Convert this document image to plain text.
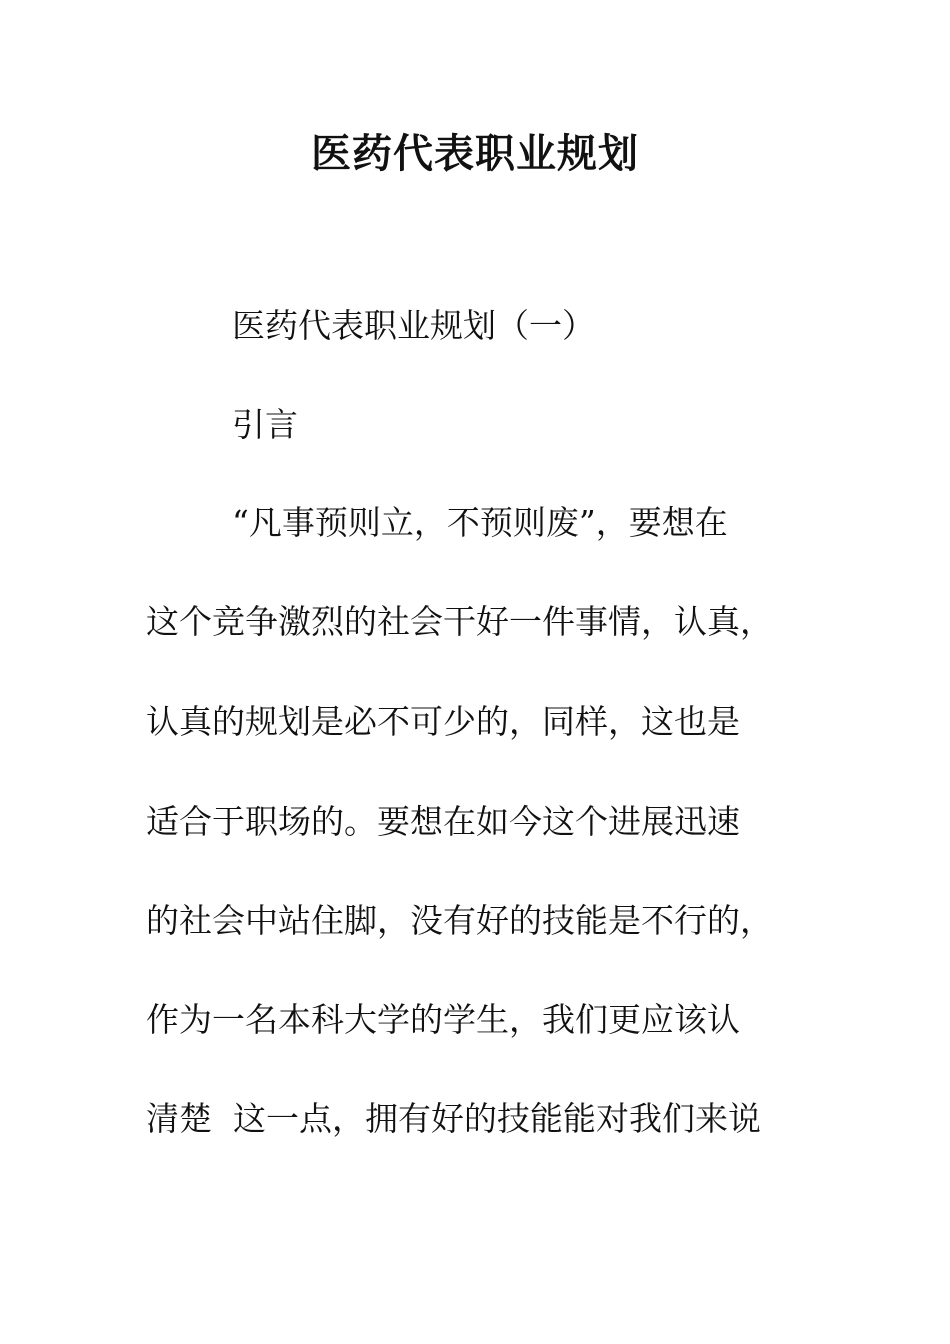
医药代表职业规划
医药代表职业规划（一）
引言
“凡事预则立，不预则废”，要想在
这个竞争激烈的社会干好一件事情，认真，
认真的规划是必不可少的，同样，这也是
适合于职场的。要想在如今这个进展迅速
的社会中站住脚，没有好的技能是不行的，
作为一名本科大学的学生，我们更应该认
清楚  这一点，拥有好的技能能对我们来说
